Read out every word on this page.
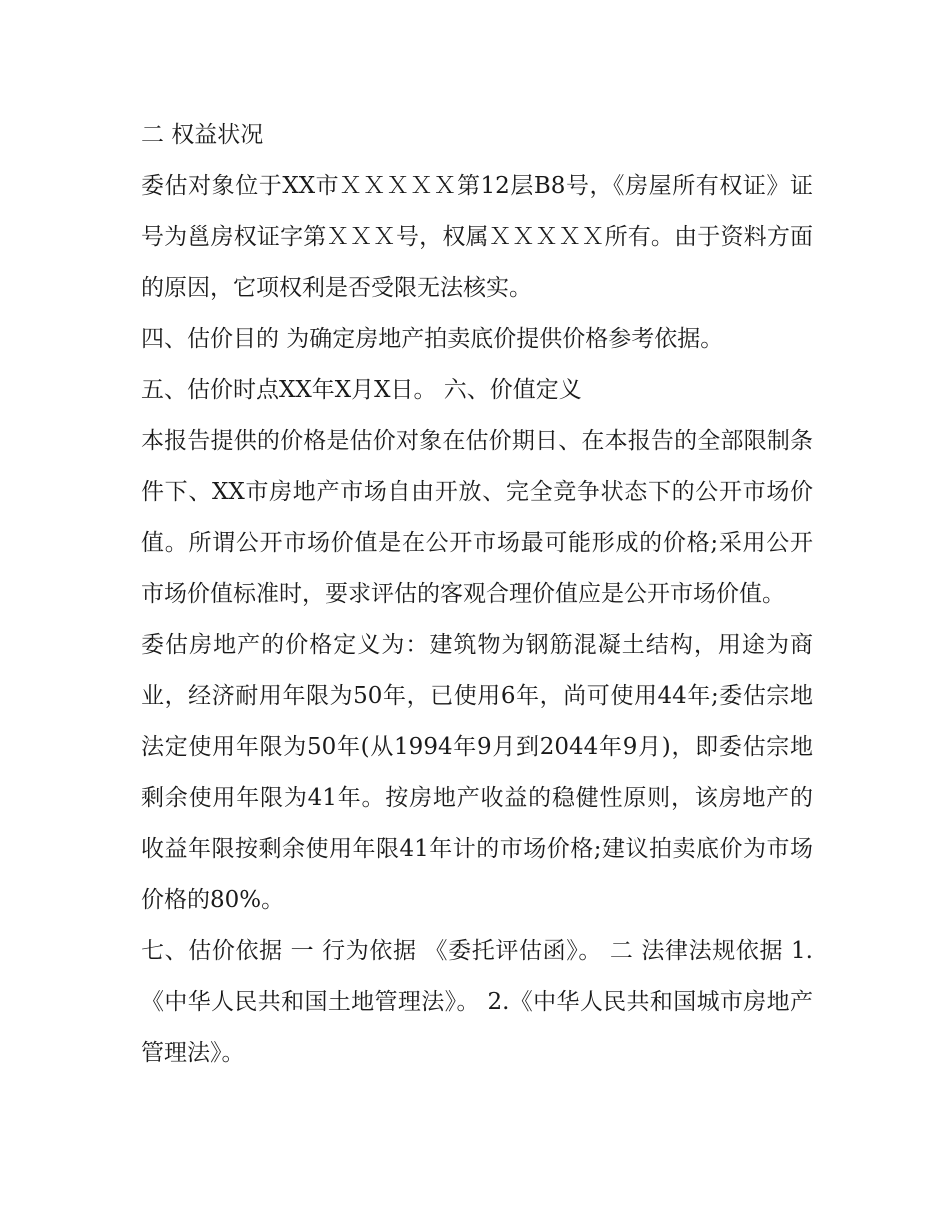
二 权益状况

委估对象位于XX市ＸＸＸＸＸ第12层B8号，《房屋所有权证》证号为邕房权证字第ＸＸＸ号，权属ＸＸＸＸＸ所有。由于资料方面的原因，它项权利是否受限无法核实。

四、估价目的 为确定房地产拍卖底价提供价格参考依据。

五、估价时点XX年X月X日。 六、价值定义

本报告提供的价格是估价对象在估价期日、在本报告的全部限制条件下、XX市房地产市场自由开放、完全竞争状态下的公开市场价值。所谓公开市场价值是在公开市场最可能形成的价格;采用公开市场价值标准时，要求评估的客观合理价值应是公开市场价值。

委估房地产的价格定义为：建筑物为钢筋混凝土结构，用途为商业，经济耐用年限为50年，已使用6年，尚可使用44年;委估宗地法定使用年限为50年(从1994年9月到2044年9月)，即委估宗地剩余使用年限为41年。按房地产收益的稳健性原则，该房地产的收益年限按剩余使用年限41年计的市场价格;建议拍卖底价为市场价格的80%。

七、估价依据 一 行为依据 《委托评估函》。 二 法律法规依据 1.《中华人民共和国土地管理法》。 2.《中华人民共和国城市房地产管理法》。
